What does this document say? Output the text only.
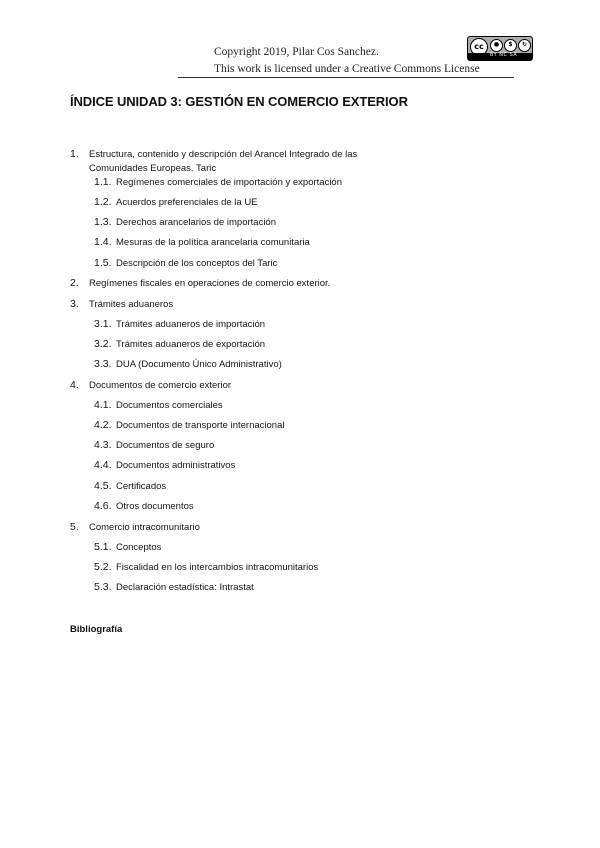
Copyright 2019, Pilar Cos Sanchez.
This work is licensed under a Creative Commons License
cc	●	$	↻
BY NC SA
ÍNDICE UNIDAD 3: GESTIÓN EN COMERCIO EXTERIOR
1. Estructura, contenido y descripción del Arancel Integrado de las
Comunidades Europeas. Taric
1.1. Regímenes comerciales de importación y exportación
1.2. Acuerdos preferenciales de la UE
1.3. Derechos arancelarios de importación
1.4. Mesuras de la política arancelaria comunitaria
1.5. Descripción de los conceptos del Taric
2. Regímenes fiscales en operaciones de comercio exterior.
3. Trámites aduaneros
3.1. Trámites aduaneros de importación
3.2. Trámites aduaneros de exportación
3.3. DUA (Documento Único Administrativo)
4. Documentos de comercio exterior
4.1. Documentos comerciales
4.2. Documentos de transporte internacional
4.3. Documentos de seguro
4.4. Documentos administrativos
4.5. Certificados
4.6. Otros documentos
5. Comercio intracomunitario
5.1. Conceptos
5.2. Fiscalidad en los intercambios intracomunitarios
5.3. Declaración estadística: Intrastat
Bibliografía
